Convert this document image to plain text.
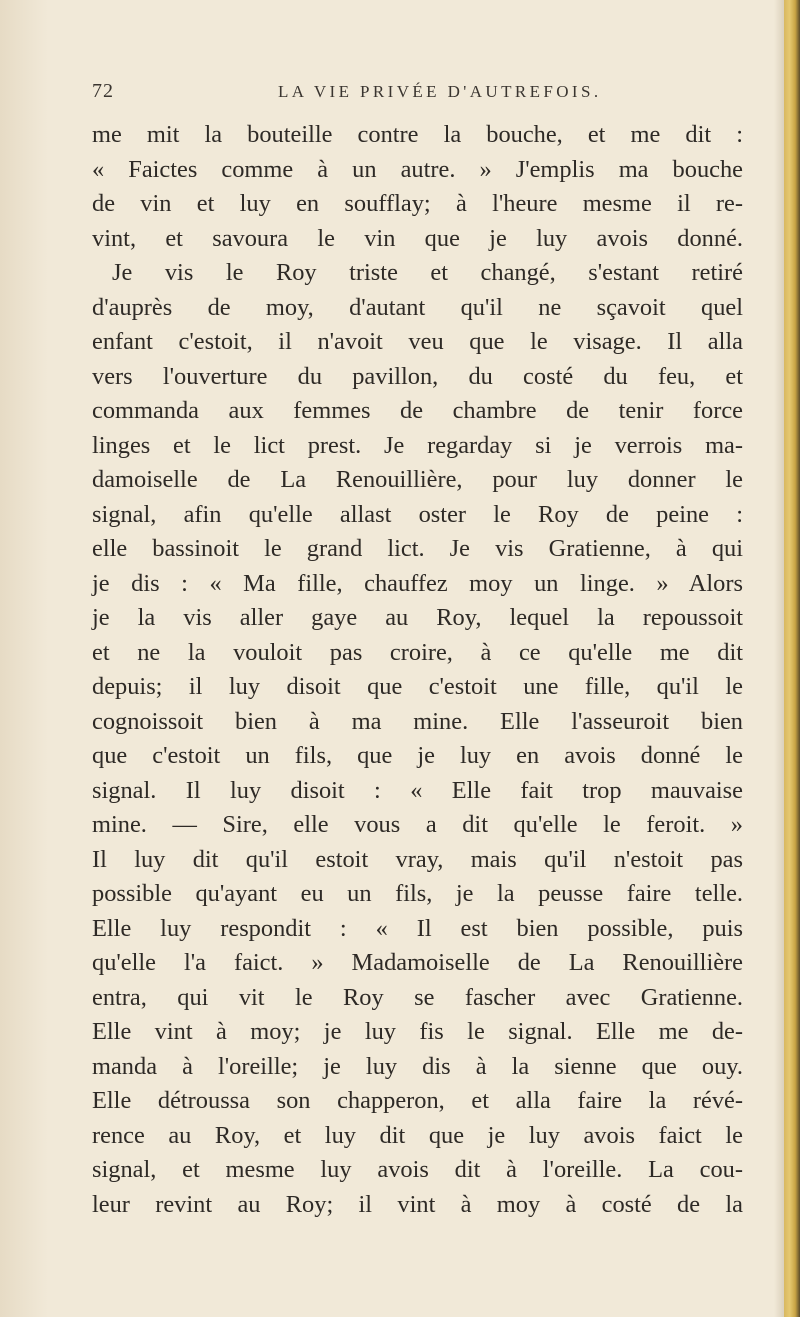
72	LA VIE PRIVÉE D'AUTREFOIS.
me mit la bouteille contre la bouche, et me dit :
« Faictes comme à un autre. » J'emplis ma bouche
de vin et luy en soufflay; à l'heure mesme il re-
vint, et savoura le vin que je luy avois donné.
Je vis le Roy triste et changé, s'estant retiré
d'auprès de moy, d'autant qu'il ne sçavoit quel
enfant c'estoit, il n'avoit veu que le visage. Il alla
vers l'ouverture du pavillon, du costé du feu, et
commanda aux femmes de chambre de tenir force
linges et le lict prest. Je regarday si je verrois ma-
damoiselle de La Renouillière, pour luy donner le
signal, afin qu'elle allast oster le Roy de peine :
elle bassinoit le grand lict. Je vis Gratienne, à qui
je dis : « Ma fille, chauffez moy un linge. » Alors
je la vis aller gaye au Roy, lequel la repoussoit
et ne la vouloit pas croire, à ce qu'elle me dit
depuis; il luy disoit que c'estoit une fille, qu'il le
cognoissoit bien à ma mine. Elle l'asseuroit bien
que c'estoit un fils, que je luy en avois donné le
signal. Il luy disoit : « Elle fait trop mauvaise
mine. — Sire, elle vous a dit qu'elle le feroit. »
Il luy dit qu'il estoit vray, mais qu'il n'estoit pas
possible qu'ayant eu un fils, je la peusse faire telle.
Elle luy respondit : « Il est bien possible, puis
qu'elle l'a faict. » Madamoiselle de La Renouillière
entra, qui vit le Roy se fascher avec Gratienne.
Elle vint à moy; je luy fis le signal. Elle me de-
manda à l'oreille; je luy dis à la sienne que ouy.
Elle détroussa son chapperon, et alla faire la révé-
rence au Roy, et luy dit que je luy avois faict le
signal, et mesme luy avois dit à l'oreille. La cou-
leur revint au Roy; il vint à moy à costé de la
